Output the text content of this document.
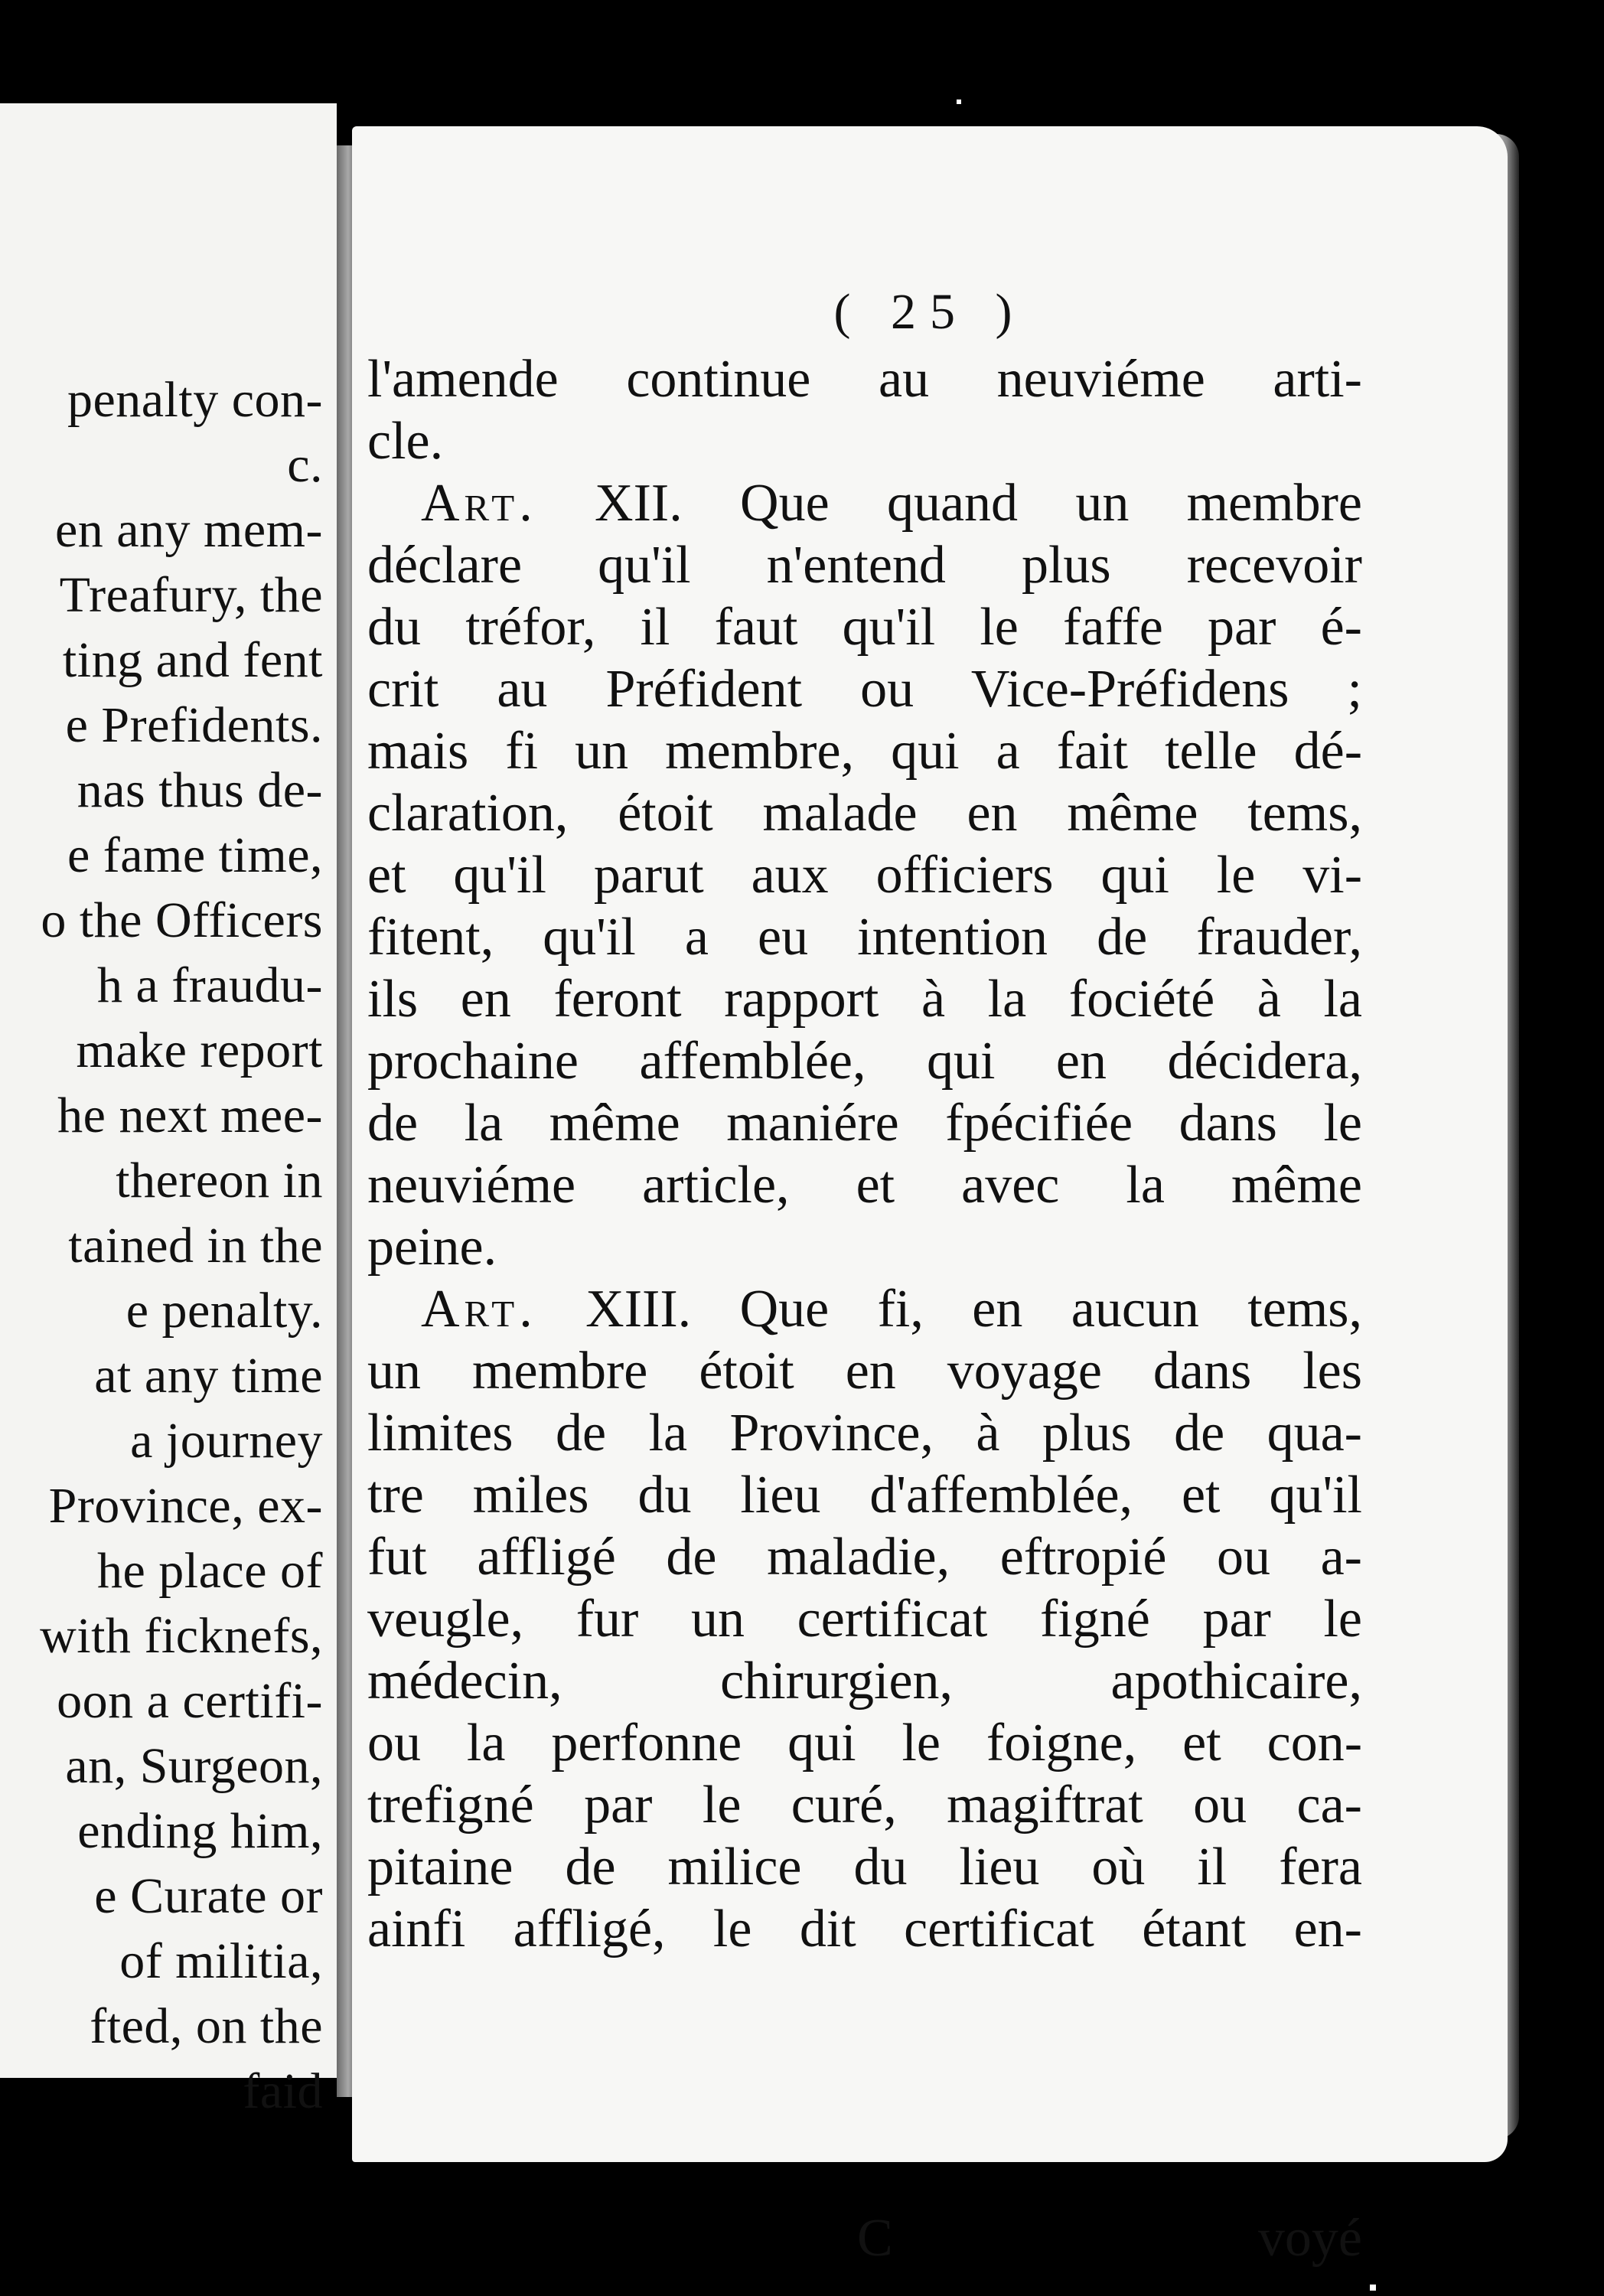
penalty con-
c.
en any mem-
Treafury, the
ting and fent
e Prefidents.
nas thus de-
e fame time,
o the Officers
h a fraudu-
make report
he next mee-
thereon in
tained in the
e penalty.
at any time
a journey
Province, ex-
he place of
with ficknefs,
oon a certifi-
an, Surgeon,
ending him,
e Curate or
of militia,
fted, on the
faid
( 25 )
l'amende continue au neuviéme arti-
cle.
Art. XII. Que quand un membre
déclare qu'il n'entend plus recevoir
du tréfor, il faut qu'il le faffe par é-
crit au Préfident ou Vice-Préfidens ;
mais fi un membre, qui a fait telle dé-
claration, étoit malade en même tems,
et qu'il parut aux officiers qui le vi-
fitent, qu'il a eu intention de frauder,
ils en feront rapport à la fociété à la
prochaine affemblée, qui en décidera,
de la même maniére fpécifiée dans le
neuviéme article, et avec la même
peine.
Art. XIII. Que fi, en aucun tems,
un membre étoit en voyage dans les
limites de la Province, à plus de qua-
tre miles du lieu d'affemblée, et qu'il
fut affligé de maladie, eftropié ou a-
veugle, fur un certificat figné par le
médecin, chirurgien, apothicaire,
ou la perfonne qui le foigne, et con-
trefigné par le curé, magiftrat ou ca-
pitaine de milice du lieu où il fera
ainfi affligé, le dit certificat étant en-
C	voyé
